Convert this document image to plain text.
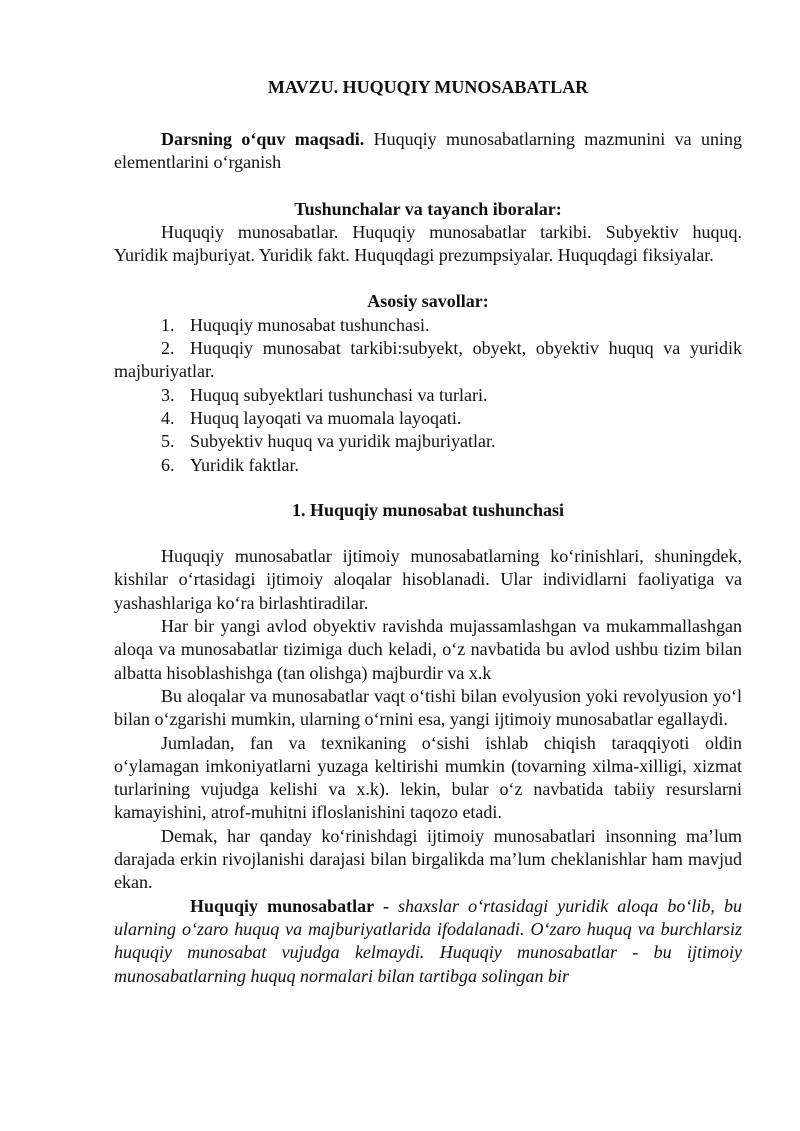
MAVZU. HUQUQIY MUNOSABATLAR

Darsning o‘quv maqsadi. Huquqiy munosabatlarning mazmunini va uning elementlarini o‘rganish

Tushunchalar va tayanch iboralar:

Huquqiy munosabatlar. Huquqiy munosabatlar tarkibi. Subyektiv huquq. Yuridik majburiyat. Yuridik fakt. Huquqdagi prezumpsiyalar. Huquqdagi fiksiyalar.

Asosiy savollar:

1. Huquqiy munosabat tushunchasi.

2. Huquqiy munosabat tarkibi:subyekt, obyekt, obyektiv huquq va yuridik majburiyatlar.

3. Huquq subyektlari tushunchasi va turlari.

4. Huquq layoqati va muomala layoqati.

5. Subyektiv huquq va yuridik majburiyatlar.

6. Yuridik faktlar.

1. Huquqiy munosabat tushunchasi

Huquqiy munosabatlar ijtimoiy munosabatlarning ko‘rinishlari, shuningdek, kishilar o‘rtasidagi ijtimoiy aloqalar hisoblanadi. Ular individlarni faoliyatiga va yashashlariga ko‘ra birlashtiradilar.

Har bir yangi avlod obyektiv ravishda mujassamlashgan va mukammallashgan aloqa va munosabatlar tizimiga duch keladi, o‘z navbatida bu avlod ushbu tizim bilan albatta hisoblashishga (tan olishga) majburdir va x.k

Bu aloqalar va munosabatlar vaqt o‘tishi bilan evolyusion yoki revolyusion yo‘l bilan o‘zgarishi mumkin, ularning o‘rnini esa, yangi ijtimoiy munosabatlar egallaydi.

Jumladan, fan va texnikaning o‘sishi ishlab chiqish taraqqiyoti oldin o‘ylamagan imkoniyatlarni yuzaga keltirishi mumkin (tovarning xilma-xilligi, xizmat turlarining vujudga kelishi va x.k). lekin, bular o‘z navbatida tabiiy resurslarni kamayishini, atrof-muhitni ifloslanishini taqozo etadi.

Demak, har qanday ko‘rinishdagi ijtimoiy munosabatlari insonning ma’lum darajada erkin rivojlanishi darajasi bilan birgalikda ma’lum cheklanishlar ham mavjud ekan.

Huquqiy munosabatlar - shaxslar o‘rtasidagi yuridik aloqa bo‘lib, bu ularning o‘zaro huquq va majburiyatlarida ifodalanadi. O‘zaro huquq va burchlarsiz huquqiy munosabat vujudga kelmaydi. Huquqiy munosabatlar - bu ijtimoiy munosabatlarning huquq normalari bilan tartibga solingan bir
